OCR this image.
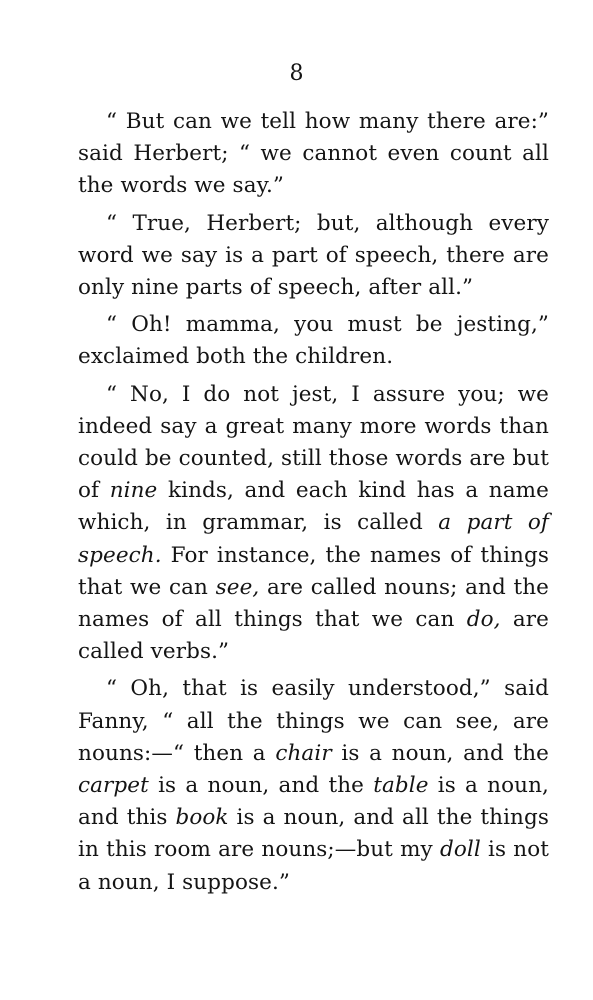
8
“ But can we tell how many there are:”
said Herbert; “ we cannot even count all
the words we say.”
“ True, Herbert; but, although every
word we say is a part of speech, there are
only nine parts of speech, after all.”
“ Oh! mamma, you must be jesting,”
exclaimed both the children.
“ No, I do not jest, I assure you; we
indeed say a great many more words than
could be counted, still those words are but
of nine kinds, and each kind has a name
which, in grammar, is called a part of
speech. For instance, the names of things
that we can see, are called nouns; and the
names of all things that we can do, are
called verbs.”
“ Oh, that is easily understood,” said
Fanny, “ all the things we can see, are
nouns:—“ then a chair is a noun, and the
carpet is a noun, and the table is a noun,
and this book is a noun, and all the things
in this room are nouns;—but my doll is not
a noun, I suppose.”
